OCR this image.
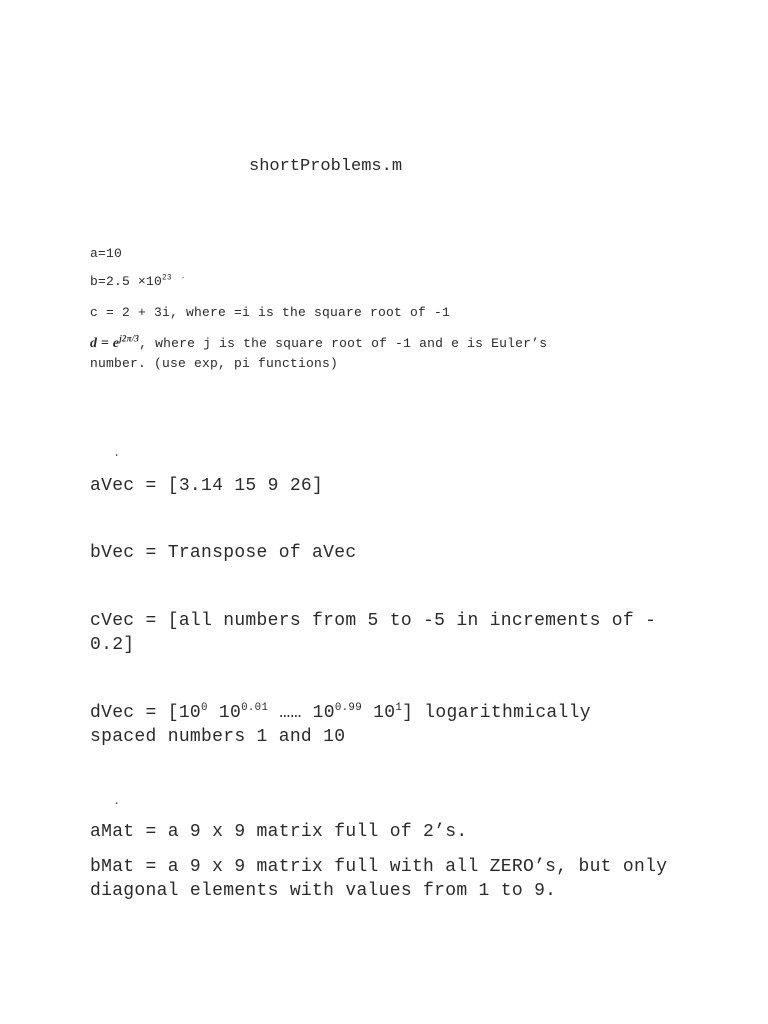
shortProblems.m
a=10
$b=2.5 \times 10^{23}$ ´
c = 2 + 3i, where =i is the square root of -1
$d = e^{j2\pi/3}$, where j is the square root of -1 and e is Euler’s
number. (use exp, pi functions)
.
aVec = [3.14 15 9 26]
bVec = Transpose of aVec
cVec = [all numbers from 5 to -5 in increments of -
0.2]
dVec = [$10^0$ $10^{0.01}$ …… $10^{0.99}$ $10^1$] logarithmically
spaced numbers 1 and 10
.
aMat = a 9 x 9 matrix full of 2’s.
bMat = a 9 x 9 matrix full with all ZERO’s, but only
diagonal elements with values from 1 to 9.
